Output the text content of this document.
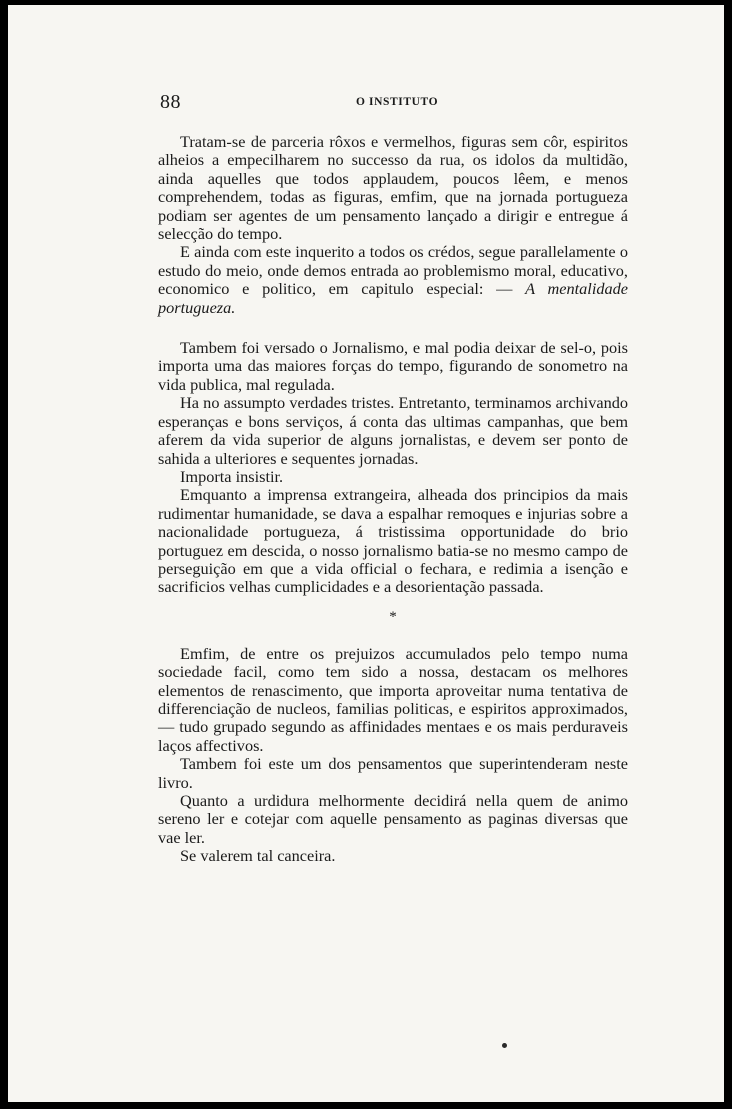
88	O INSTITUTO

Tratam-se de parceria rôxos e vermelhos, figuras sem côr, espiritos alheios a empecilharem no successo da rua, os idolos da multidão, ainda aquelles que todos applaudem, poucos lêem, e menos comprehendem, todas as figuras, emfim, que na jornada portugueza podiam ser agentes de um pensamento lançado a dirigir e entregue á selecção do tempo.

E ainda com este inquerito a todos os crédos, segue parallelamente o estudo do meio, onde demos entrada ao problemismo moral, educativo, economico e politico, em capitulo especial: — A mentalidade portugueza.

Tambem foi versado o Jornalismo, e mal podia deixar de sel-o, pois importa uma das maiores forças do tempo, figurando de sonometro na vida publica, mal regulada.

Ha no assumpto verdades tristes. Entretanto, terminamos archivando esperanças e bons serviços, á conta das ultimas campanhas, que bem aferem da vida superior de alguns jornalistas, e devem ser ponto de sahida a ulteriores e sequentes jornadas.

Importa insistir.

Emquanto a imprensa extrangeira, alheada dos principios da mais rudimentar humanidade, se dava a espalhar remoques e injurias sobre a nacionalidade portugueza, á tristissima opportunidade do brio portuguez em descida, o nosso jornalismo batia-se no mesmo campo de perseguição em que a vida official o fechara, e redimia a isenção e sacrificios velhas cumplicidades e a desorientação passada.

*

Emfim, de entre os prejuizos accumulados pelo tempo numa sociedade facil, como tem sido a nossa, destacam os melhores elementos de renascimento, que importa aproveitar numa tentativa de differenciação de nucleos, familias politicas, e espiritos approximados, — tudo grupado segundo as affinidades mentaes e os mais perduraveis laços affectivos.

Tambem foi este um dos pensamentos que superintenderam neste livro.

Quanto a urdidura melhormente decidirá nella quem de animo sereno ler e cotejar com aquelle pensamento as paginas diversas que vae ler.

Se valerem tal canceira.
